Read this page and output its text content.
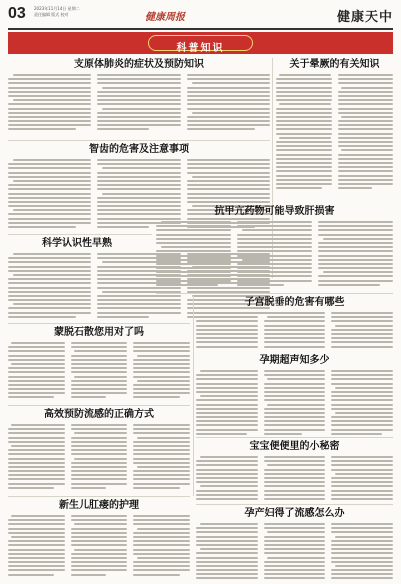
03 2023年11月14日 星期二
责任编辑 版式 校对	健康周报	健康天中
科普知识
支原体肺炎的症状及预防知识	关于晕厥的有关知识
智齿的危害及注意事项
抗甲亢药物可能导致肝损害
科学认识性早熟
子宫脱垂的危害有哪些
孕期超声知多少
蒙脱石散您用对了吗
宝宝便便里的小秘密
高效预防流感的正确方式
孕产妇得了流感怎么办
新生儿肛瘘的护理
